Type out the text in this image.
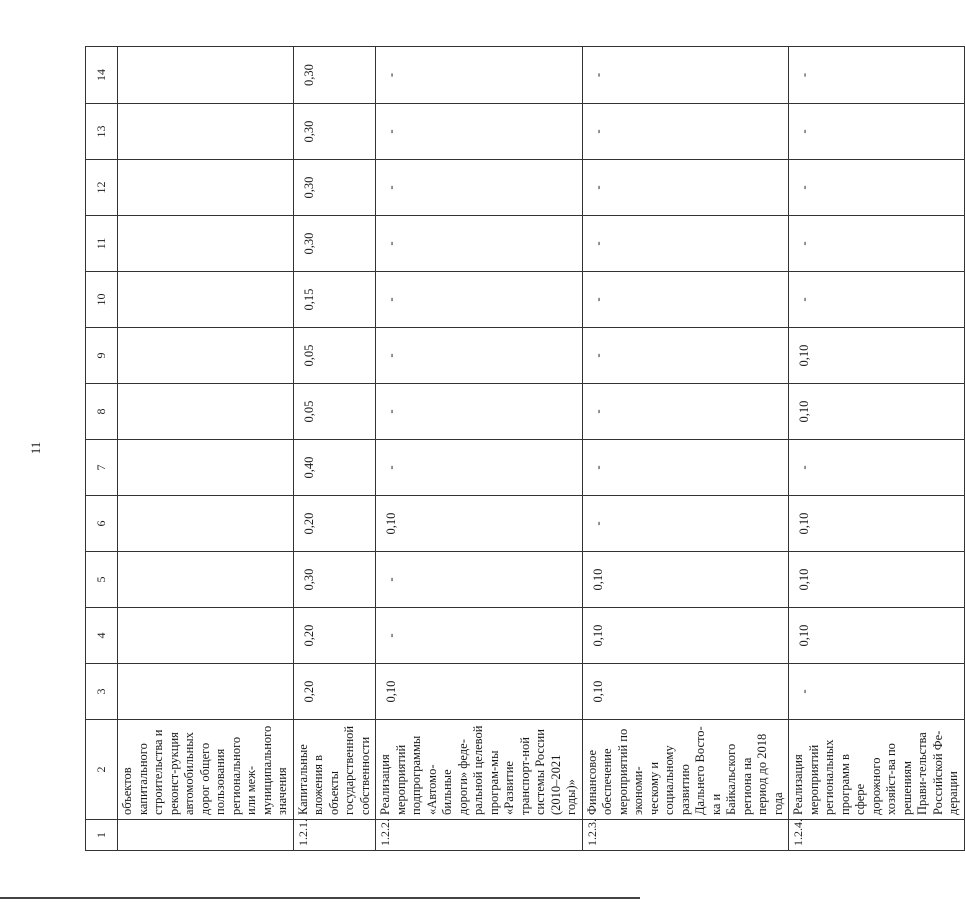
11
1	2	3	4	5	6	7	8	9	10	11	12	13	14
	объектов капитального строительства и реконст-рукция автомобильных дорог общего пользования регионального или меж-муниципального значения												
1.2.1.	Капитальные вложения в объекты государственной собственности	0,20	0,20	0,30	0,20	0,40	0,05	0,05	0,15	0,30	0,30	0,30	0,30
1.2.2.	Реализация мероприятий подпрограммы «Автомо-бильные дороги» феде-ральной целевой програм-мы «Развитие транспорт-ной системы России (2010–2021 годы)»	0,10	-	-	0,10	-	-	-	-	-	-	-	-
1.2.3.	Финансовое обеспечение мероприятий по экономи-ческому и социальному развитию Дальнего Восто-ка и Байкальского региона на период до 2018 года	0,10	0,10	0,10	-	-	-	-	-	-	-	-	-
1.2.4.	Реализация мероприятий региональных программ в сфере дорожного хозяйст-ва по решениям Прави-тельства Российской Фе-дерации	-	0,10	0,10	0,10	-	0,10	0,10	-	-	-	-	-
